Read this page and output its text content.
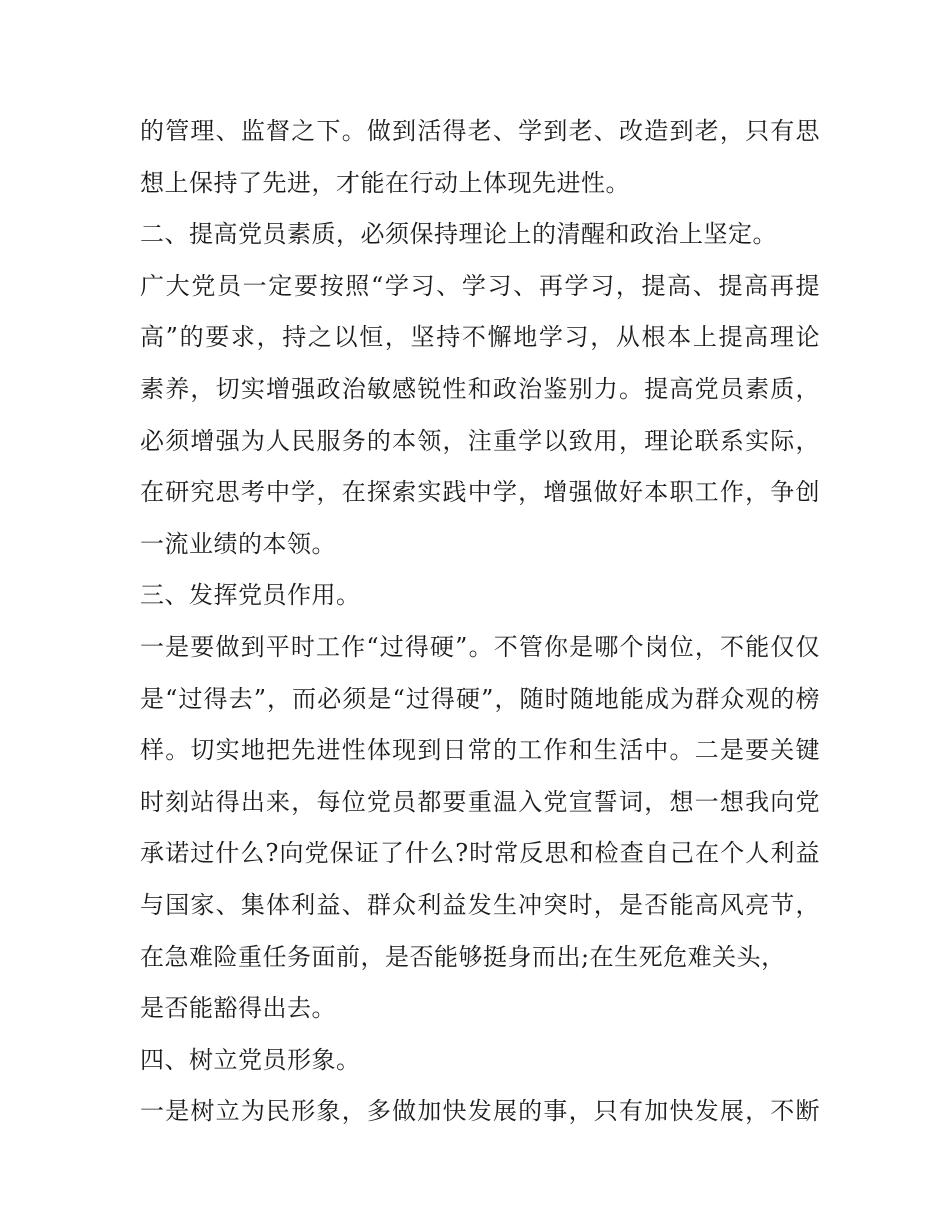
的管理、监督之下。做到活得老、学到老、改造到老，只有思
想上保持了先进，才能在行动上体现先进性。
二、提高党员素质，必须保持理论上的清醒和政治上坚定。
广大党员一定要按照“学习、学习、再学习，提高、提高再提
高”的要求，持之以恒，坚持不懈地学习，从根本上提高理论
素养，切实增强政治敏感锐性和政治鉴别力。提高党员素质，
必须增强为人民服务的本领，注重学以致用，理论联系实际，
在研究思考中学，在探索实践中学，增强做好本职工作，争创
一流业绩的本领。
三、发挥党员作用。
一是要做到平时工作“过得硬”。不管你是哪个岗位，不能仅仅
是“过得去”，而必须是“过得硬”，随时随地能成为群众观的榜
样。切实地把先进性体现到日常的工作和生活中。二是要关键
时刻站得出来，每位党员都要重温入党宣誓词，想一想我向党
承诺过什么?向党保证了什么?时常反思和检查自己在个人利益
与国家、集体利益、群众利益发生冲突时，是否能高风亮节，
在急难险重任务面前，是否能够挺身而出;在生死危难关头，
是否能豁得出去。
四、树立党员形象。
一是树立为民形象，多做加快发展的事，只有加快发展，不断
